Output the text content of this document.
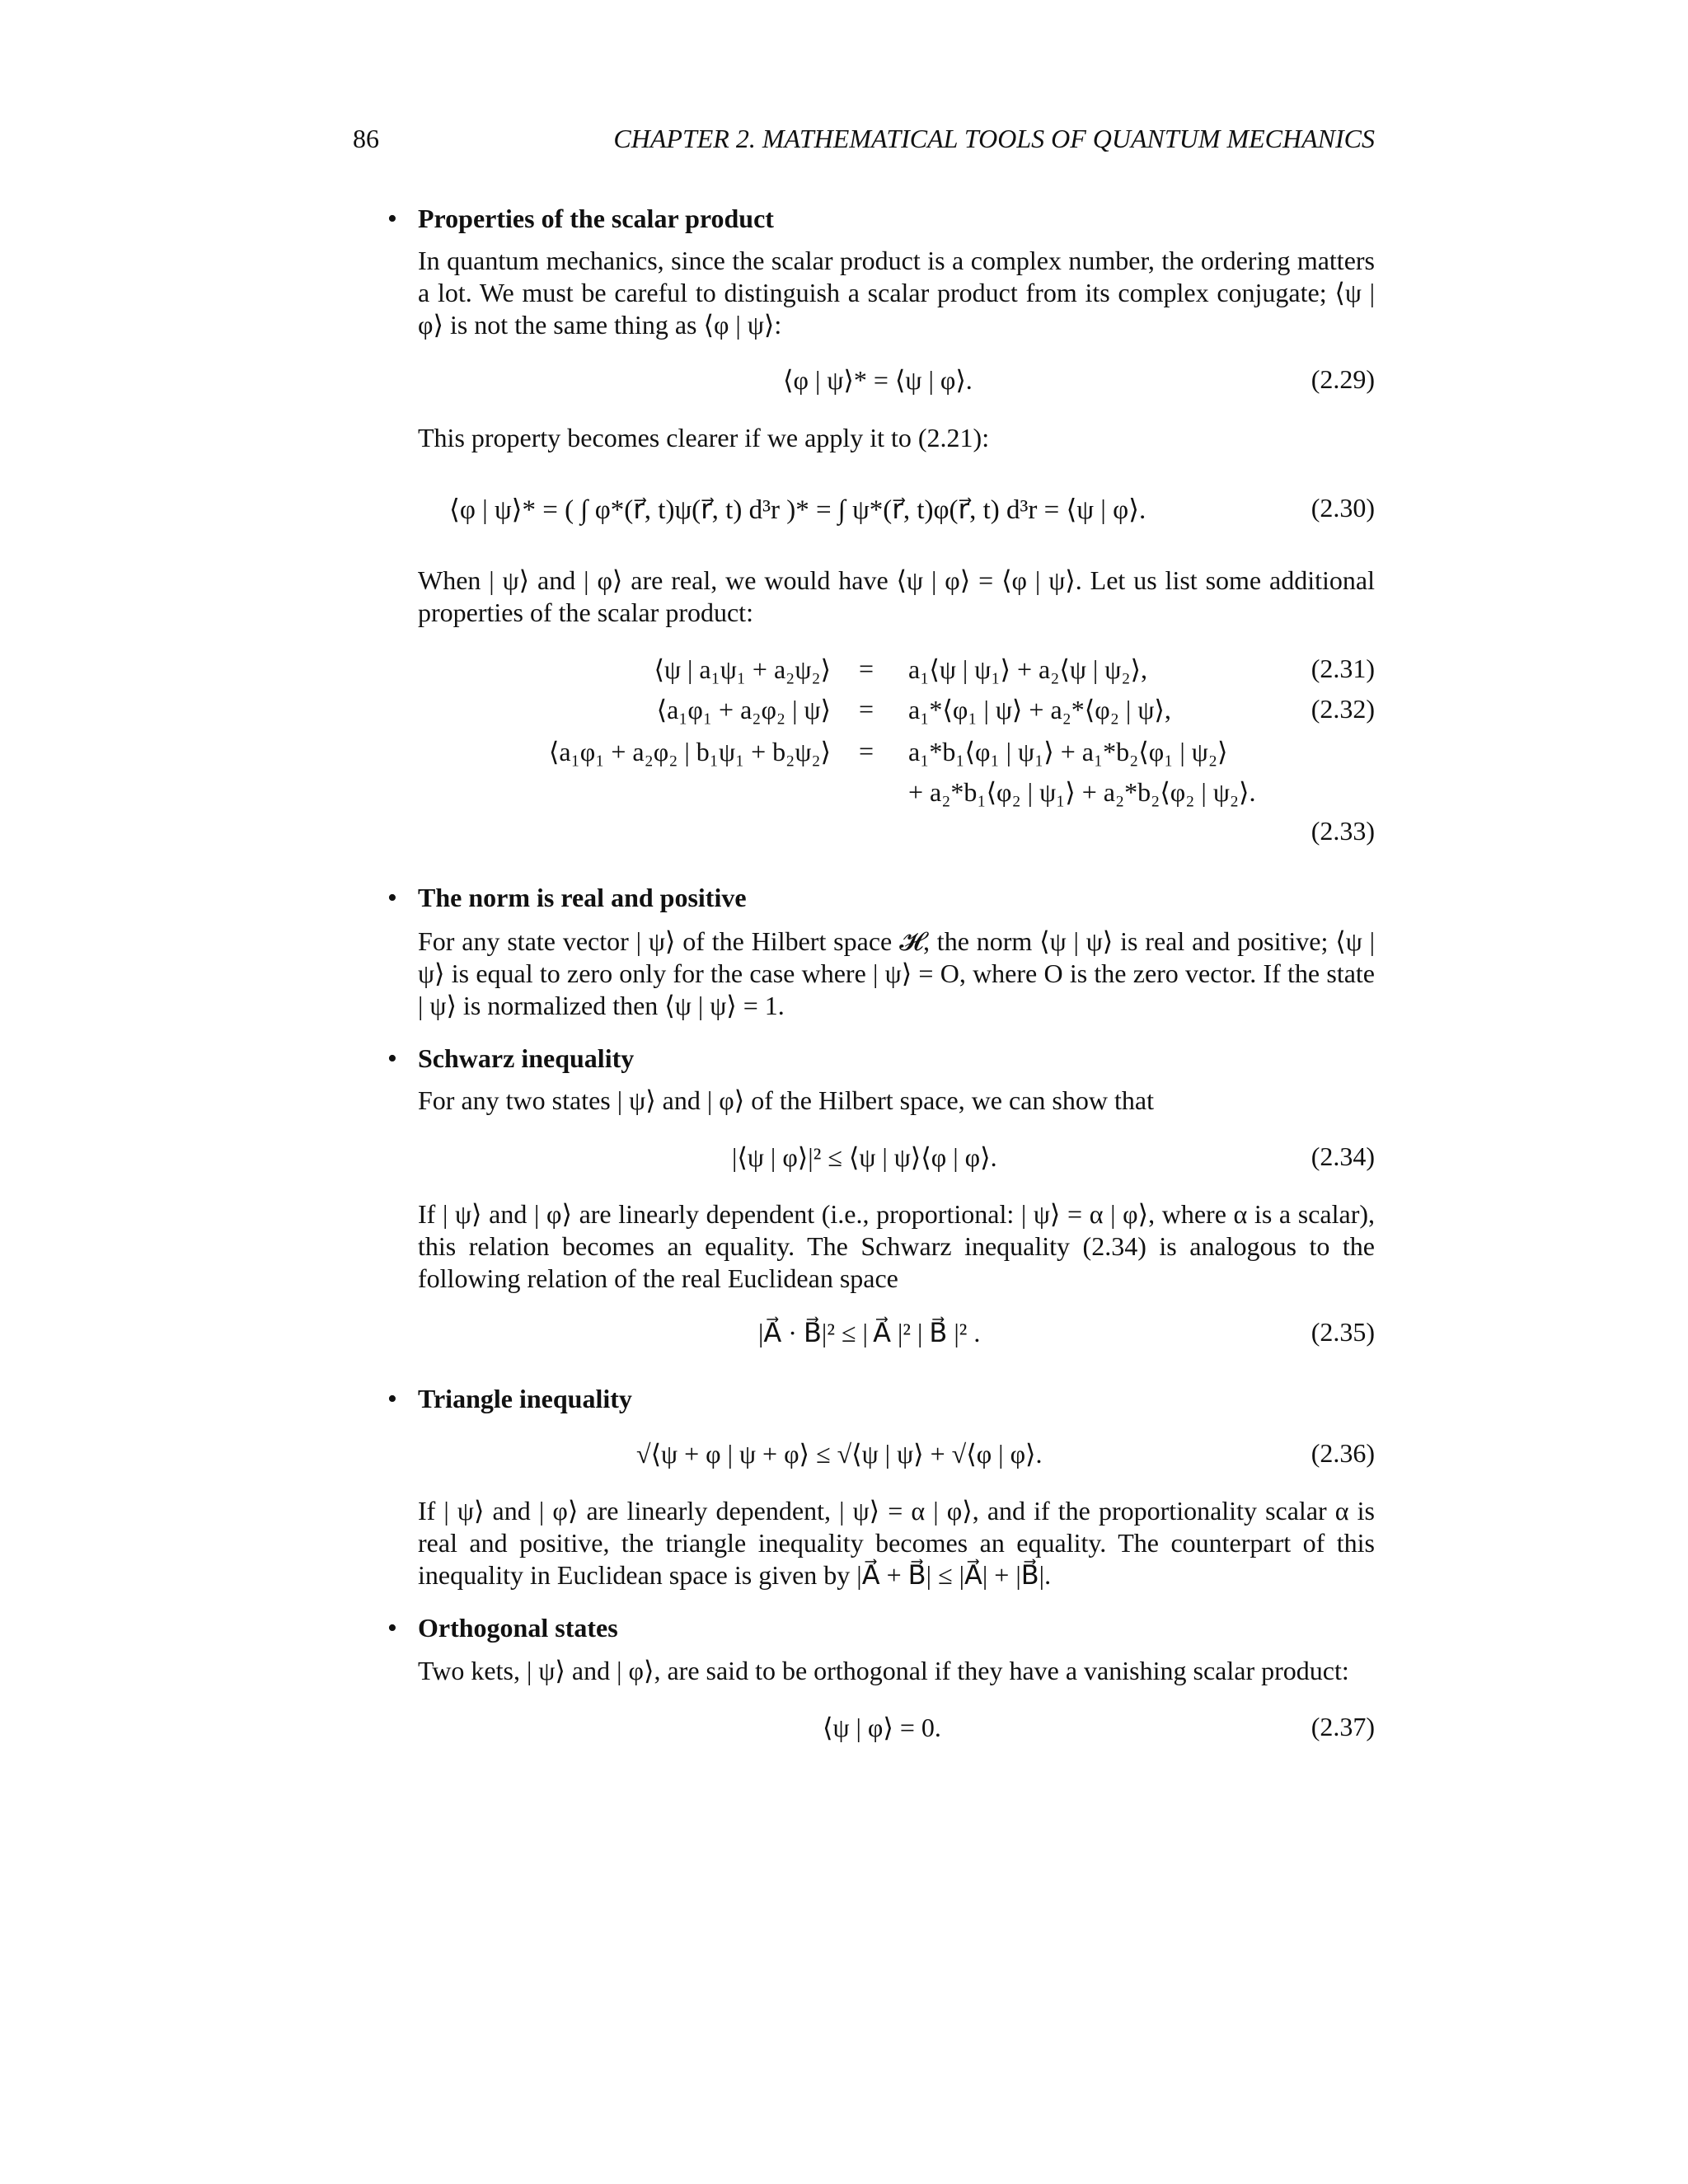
86	CHAPTER 2. MATHEMATICAL TOOLS OF QUANTUM MECHANICS
• Properties of the scalar product
In quantum mechanics, since the scalar product is a complex number, the ordering matters a lot. We must be careful to distinguish a scalar product from its complex conjugate; ⟨ψ | φ⟩ is not the same thing as ⟨φ | ψ⟩:
⟨φ | ψ⟩* = ⟨ψ | φ⟩.	(2.29)
This property becomes clearer if we apply it to (2.21):
⟨φ | ψ⟩* = ( ∫ φ*(r⃗, t)ψ(r⃗, t) d³r )* = ∫ ψ*(r⃗, t)φ(r⃗, t) d³r = ⟨ψ | φ⟩.	(2.30)
When | ψ⟩ and | φ⟩ are real, we would have ⟨ψ | φ⟩ = ⟨φ | ψ⟩. Let us list some additional properties of the scalar product:
⟨ψ | a₁ψ₁ + a₂ψ₂⟩ = a₁⟨ψ | ψ₁⟩ + a₂⟨ψ | ψ₂⟩,	(2.31)
⟨a₁φ₁ + a₂φ₂ | ψ⟩ = a₁*⟨φ₁ | ψ⟩ + a₂*⟨φ₂ | ψ⟩,	(2.32)
⟨a₁φ₁ + a₂φ₂ | b₁ψ₁ + b₂ψ₂⟩ = a₁*b₁⟨φ₁ | ψ₁⟩ + a₁*b₂⟨φ₁ | ψ₂⟩
+ a₂*b₁⟨φ₂ | ψ₁⟩ + a₂*b₂⟨φ₂ | ψ₂⟩.
(2.33)
• The norm is real and positive
For any state vector | ψ⟩ of the Hilbert space 𝓗, the norm ⟨ψ | ψ⟩ is real and positive; ⟨ψ | ψ⟩ is equal to zero only for the case where | ψ⟩ = O, where O is the zero vector. If the state | ψ⟩ is normalized then ⟨ψ | ψ⟩ = 1.
• Schwarz inequality
For any two states | ψ⟩ and | φ⟩ of the Hilbert space, we can show that
|⟨ψ | φ⟩|² ≤ ⟨ψ | ψ⟩⟨φ | φ⟩.	(2.34)
If | ψ⟩ and | φ⟩ are linearly dependent (i.e., proportional: | ψ⟩ = α | φ⟩, where α is a scalar), this relation becomes an equality. The Schwarz inequality (2.34) is analogous to the following relation of the real Euclidean space
|A⃗ · B⃗|² ≤ | A⃗ |² | B⃗ |² .	(2.35)
• Triangle inequality
√⟨ψ + φ | ψ + φ⟩ ≤ √⟨ψ | ψ⟩ + √⟨φ | φ⟩.	(2.36)
If | ψ⟩ and | φ⟩ are linearly dependent, | ψ⟩ = α | φ⟩, and if the proportionality scalar α is real and positive, the triangle inequality becomes an equality. The counterpart of this inequality in Euclidean space is given by |A⃗ + B⃗| ≤ |A⃗| + |B⃗|.
• Orthogonal states
Two kets, | ψ⟩ and | φ⟩, are said to be orthogonal if they have a vanishing scalar product:
⟨ψ | φ⟩ = 0.	(2.37)
